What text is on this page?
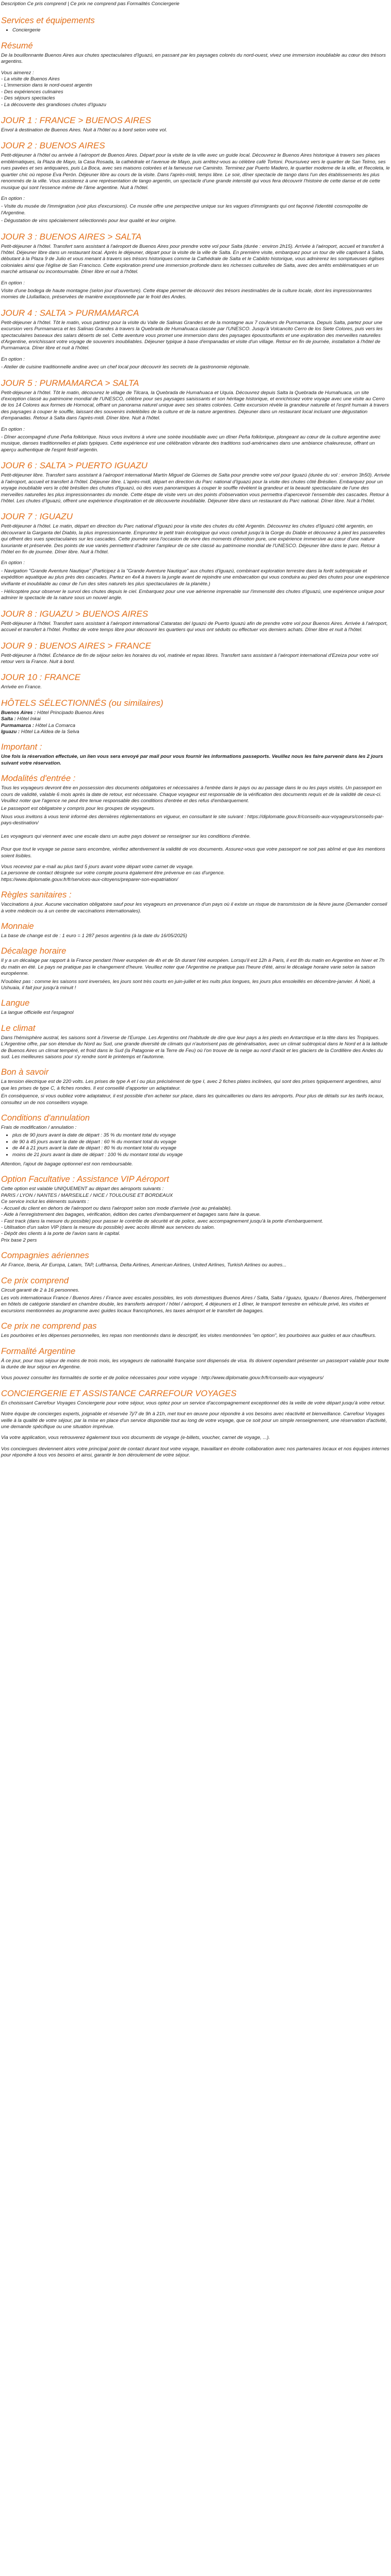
Description Ce pris comprend | Ce prix ne comprend pas Formalités Conciergerie
Services et équipements
• Conciergerie
Résumé
De la bouillonnante Buenos Aires aux chutes spectaculaires d'Iguazú, en passant par les paysages colorés du nord-ouest, vivez une immersion inoubliable au cœur des trésors argentins.
Vous aimerez :
- La visite de Buenos Aires
- L'immersion dans le nord-ouest argentin
- Des expériences culinaires
- Des séjours spectacles
- La découverte des grandioses chutes d'Iguazu
JOUR 1 : FRANCE > BUENOS AIRES
Envol à destination de Buenos Aires. Nuit à l'hôtel ou à bord selon votre vol.
JOUR 2 : BUENOS AIRES
Petit-déjeuner à l'hôtel ou arrivée à l'aéroport de Buenos Aires. Départ pour la visite de la ville avec un guide local. Découvrez le Buenos Aires historique à travers ses places emblématiques, la Plaza de Mayo, la Casa Rosada, la cathédrale et l'avenue de Mayo, puis arrêtez-vous au célèbre café Tortoni. Poursuivez vers le quartier de San Telmo, ses rues pavées et ses antiquaires, puis La Boca, avec ses maisons colorées et la fameuse rue Caminito. Terminez par Puerto Madero, le quartier moderne de la ville, et Recoleta, le quartier chic où repose Eva Perón. Déjeuner libre au cours de la visite. Dans l'après-midi, temps libre. Le soir, dîner spectacle de tango dans l'un des établissements les plus renommés de la ville. Vous assisterez à une représentation de tango argentin, un spectacle d'une grande intensité qui vous fera découvrir l'histoire de cette danse et de cette musique qui sont l'essence même de l'âme argentine. Nuit à l'hôtel.
En option :
- Visite du musée de l'immigration (voir plus d'excursions). Ce musée offre une perspective unique sur les vagues d'immigrants qui ont façonné l'identité cosmopolite de l'Argentine.
- Dégustation de vins spécialement sélectionnés pour leur qualité et leur origine.
JOUR 3 : BUENOS AIRES > SALTA
Petit-déjeuner à l'hôtel. Transfert sans assistant à l'aéroport de Buenos Aires pour prendre votre vol pour Salta (durée : environ 2h15). Arrivée à l'aéroport, accueil et transfert à l'hôtel. Déjeuner libre dans un restaurant local. Après le déjeuner, départ pour la visite de la ville de Salta. En première visite, embarquez pour un tour de ville captivant à Salta, débutant à la Plaza 9 de Julio et vous menant à travers ses trésors historiques comme la Cathédrale de Salta et le Cabildo historique, vous admirerez les somptueuses églises coloniales ainsi que l'église de San Francisco. Cette exploration prend une immersion profonde dans les richesses culturelles de Salta, avec des arrêts emblématiques et un marché artisanal ou incontournable. Dîner libre et nuit à l'hôtel.
En option :
Visite d'une bodega de haute montagne (selon jour d'ouverture). Cette étape permet de découvrir des trésors inestimables de la culture locale, dont les impressionnantes momies de Llullaillaco, préservées de manière exceptionnelle par le froid des Andes.
JOUR 4 : SALTA > PURMAMARCA
Petit-déjeuner à l'hôtel. Tôt le matin, vous partirez pour la visite du Valle de Salinas Grandes et de la montagne aux 7 couleurs de Purmamarca. Depuis Salta, partez pour une excursion vers Purmamarca et les Salinas Grandes à travers la Quebrada de Humahuaca classée par l'UNESCO. Jusqu'à Volcancito Cerro de los Siete Colores, puis vers les spectaculaires baseaux des salars déserts de sel. Cette aventure vous promet une immersion dans des paysages époustouflants et une exploration des merveilles naturelles d'Argentine, enrichissant votre voyage de souvenirs inoubliables. Déjeuner typique à base d'empanadas et visite d'un village. Retour en fin de journée, installation à l'hôtel de Purmamarca. Dîner libre et nuit à l'hôtel.
En option :
- Atelier de cuisine traditionnelle andine avec un chef local pour découvrir les secrets de la gastronomie régionale.
JOUR 5 : PURMAMARCA > SALTA
Petit-déjeuner à l'hôtel. Tôt le matin, découvrez le village de Tilcara, la Quebrada de Humahuaca et Uquía. Découvrez depuis Salta la Quebrada de Humahuaca, un site d'exception classé au patrimoine mondial de l'UNESCO, célèbre pour ses paysages saisissants et son héritage historique, et enrichissez votre voyage avec une visite au Cerro de los 14 Colores aux formes de Hornocal, offrant un panorama naturel unique avec ses strates colorées. Cette excursion révèle la grandeur naturelle et l'esprit humain à travers des paysages à couper le souffle, laissant des souvenirs indelébiles de la culture et de la nature argentines. Déjeuner dans un restaurant local incluant une dégustation d'empanadas. Retour à Salta dans l'après-midi. Dîner libre. Nuit à l'hôtel.
En option :
- Dîner accompagné d'une Peña folklorique. Nous vous invitons à vivre une soirée inoubliable avec un dîner Peña folklorique, plongeant au cœur de la culture argentine avec musique, danses traditionnelles et plats typiques. Cette expérience est une célébration vibrante des traditions sud-américaines dans une ambiance chaleureuse, offrant un aperçu authentique de l'esprit festif argentin.
JOUR 6 : SALTA > PUERTO IGUAZU
Petit-déjeuner libre. Transfert sans assistant à l'aéroport international Martín Miguel de Güemes de Salta pour prendre votre vol pour Iguazú (durée du vol : environ 3h50). Arrivée à l'aéroport, accueil et transfert à l'hôtel. Déjeuner libre. L'après-midi, départ en direction du Parc national d'Iguazú pour la visite des chutes côté Brésilien. Embarquez pour un voyage inoubliable vers le côté brésilien des chutes d'Iguazú, où des vues panoramiques à couper le souffle révèlent la grandeur et la beauté spectaculaire de l'une des merveilles naturelles les plus impressionnantes du monde. Cette étape de visite vers un des points d'observation vous permettra d'apercevoir l'ensemble des cascades. Retour à l'hôtel. Les chutes d'Iguazú, offrent une expérience d'exploration et de découverte inoubliable. Déjeuner libre dans un restaurant du Parc national. Dîner libre. Nuit à l'hôtel.
JOUR 7 : IGUAZU
Petit-déjeuner à l'hôtel. Le matin, départ en direction du Parc national d'Iguazú pour la visite des chutes du côté Argentin. Découvrez les chutes d'Iguazú côté argentin, en découvrant la Garganta del Diablo, la plus impressionnante. Empruntez le petit train écologique qui vous conduit jusqu'à la Gorge du Diable et découvrez à pied les passerelles qui offrent des vues spectaculaires sur les cascades. Cette journée sera l'occasion de vivre des moments d'émotion pure, une expérience immersive au cœur d'une nature luxuriante et préservée. Des points de vue variés permettent d'admirer l'ampleur de ce site classé au patrimoine mondial de l'UNESCO. Déjeuner libre dans le parc. Retour à l'hôtel en fin de journée. Dîner libre. Nuit à l'hôtel.
En option :
- Navigation "Grande Aventure Nautique" (Participez à la "Grande Aventure Nautique" aux chutes d'Iguazú, combinant exploration terrestre dans la forêt subtropicale et expédition aquatique au plus près des cascades. Partez en 4x4 à travers la jungle avant de rejoindre une embarcation qui vous conduira au pied des chutes pour une expérience vivifiante et inoubliable au cœur de l'un des sites naturels les plus spectaculaires de la planète.)
- Hélicoptère pour observer le survol des chutes depuis le ciel. Embarquez pour une vue aérienne imprenable sur l'immensité des chutes d'Iguazú, une expérience unique pour admirer le spectacle de la nature sous un nouvel angle.
JOUR 8 : IGUAZU > BUENOS AIRES
Petit-déjeuner à l'hôtel. Transfert sans assistant à l'aéroport international Cataratas del Iguazú de Puerto Iguazú afin de prendre votre vol pour Buenos Aires. Arrivée à l'aéroport, accueil et transfert à l'hôtel. Profitez de votre temps libre pour découvrir les quartiers qui vous ont séduits ou effectuer vos derniers achats. Dîner libre et nuit à l'hôtel.
JOUR 9 : BUENOS AIRES > FRANCE
Petit-déjeuner à l'hôtel. Échéance de fin de séjour selon les horaires du vol, matinée et repas libres. Transfert sans assistant à l'aéroport international d'Ezeiza pour votre vol retour vers la France. Nuit à bord.
JOUR 10 : FRANCE
Arrivée en France.
HÔTELS SÉLECTIONNÉS (ou similaires)
Buenos Aires : Hôtel Principado Buenos Aires
Salta : Hôtel Inkai
Purmamarca : Hôtel La Comarca
Iguazu : Hôtel La Aldea de la Selva
Important :
Une fois la réservation effectuée, un lien vous sera envoyé par mail pour vous fournir les informations passeports. Veuillez nous les faire parvenir dans les 2 jours suivant votre réservation.
Modalités d'entrée :
Tous les voyageurs devront être en possession des documents obligatoires et nécessaires à l'entrée dans le pays ou au passage dans le ou les pays visités. Un passeport en cours de validité, valable 6 mois après la date de retour, est nécessaire. Chaque voyageur est responsable de la vérification des documents requis et de la validité de ceux-ci. Veuillez noter que l'agence ne peut être tenue responsable des conditions d'entrée et des refus d'embarquement.
Le passeport est obligatoire y compris pour les groupes de voyageurs.
Nous vous invitons à vous tenir informé des dernières réglementations en vigueur, en consultant le site suivant : https://diplomatie.gouv.fr/conseils-aux-voyageurs/conseils-par-pays-destination/
Les voyageurs qui viennent avec une escale dans un autre pays doivent se renseigner sur les conditions d'entrée.
Pour que tout le voyage se passe sans encombre, vérifiez attentivement la validité de vos documents. Assurez-vous que votre passeport ne soit pas abîmé et que les mentions soient lisibles.
Vous recevrez par e-mail au plus tard 5 jours avant votre départ votre carnet de voyage.
La personne de contact désignée sur votre compte pourra également être prévenue en cas d'urgence.
https://www.diplomatie.gouv.fr/fr/services-aux-citoyens/preparer-son-expatriation/
Règles sanitaires :
Vaccinations à jour. Aucune vaccination obligatoire sauf pour les voyageurs en provenance d'un pays où il existe un risque de transmission de la fièvre jaune (Demander conseil à votre médecin ou à un centre de vaccinations internationales).
Monnaie
La base de change est de : 1 euro = 1 287 pesos argentins (à la date du 16/05/2025)
Décalage horaire
Il y a un décalage par rapport à la France pendant l'hiver européen de 4h et de 5h durant l'été européen. Lorsqu'il est 12h à Paris, il est 8h du matin en Argentine en hiver et 7h du matin en été. Le pays ne pratique pas le changement d'heure. Veuillez noter que l'Argentine ne pratique pas l'heure d'été, ainsi le décalage horaire varie selon la saison européenne.
N'oubliez pas : comme les saisons sont inversées, les jours sont très courts en juin-juillet et les nuits plus longues, les jours plus ensoleillés en décembre-janvier. À Noël, à Ushuaia, il fait jour jusqu'à minuit !
Langue
La langue officielle est l'espagnol
Le climat
Dans l'hémisphère austral, les saisons sont à l'inverse de l'Europe. Les Argentins ont l'habitude de dire que leur pays a les pieds en Antarctique et la tête dans les Tropiques. L'Argentine offre, par son étendue du Nord au Sud, une grande diversité de climats qui n'autorisent pas de généralisation, avec un climat subtropical dans le Nord et à la latitude de Buenos Aires un climat tempéré, et froid dans le Sud (la Patagonie et la Terre de Feu) où l'on trouve de la neige au nord d'août et les glaciers de la Cordillère des Andes du sud. Les meilleures saisons pour s'y rendre sont le printemps et l'automne.
Bon à savoir
La tension électrique est de 220 volts. Les prises de type A et I ou plus précisément de type I, avec 2 fiches plates inclinées, qui sont des prises typiquement argentines, ainsi que les prises de type C, à fiches rondes. Il est conseillé d'apporter un adaptateur.
En conséquence, si vous oubliez votre adaptateur, il est possible d'en acheter sur place, dans les quincailleries ou dans les aéroports. Pour plus de détails sur les tarifs locaux, consultez un de nos conseillers voyage.
Conditions d'annulation
Frais de modification / annulation :
• plus de 90 jours avant la date de départ : 35 % du montant total du voyage
• de 90 à 45 jours avant la date de départ : 60 % du montant total du voyage
• de 44 à 21 jours avant la date de départ : 80 % du montant total du voyage
• moins de 21 jours avant la date de départ : 100 % du montant total du voyage
Attention, l'ajout de bagage optionnel est non remboursable.
Option Facultative : Assistance VIP Aéroport
Cette option est valable UNIQUEMENT au départ des aéroports suivants :
PARIS / LYON / NANTES / MARSEILLE / NICE / TOULOUSE ET BORDEAUX
Ce service inclut les éléments suivants :
- Accueil du client en dehors de l'aéroport ou dans l'aéroport selon son mode d'arrivée (voir au préalable).
- Aide à l'enregistrement des bagages, vérification, édition des cartes d'embarquement et bagages sans faire la queue.
- Fast track (dans la mesure du possible) pour passer le contrôle de sécurité et de police, avec accompagnement jusqu'à la porte d'embarquement.
- Utilisation d'un salon VIP (dans la mesure du possible) avec accès illimité aux services du salon.
- Dépôt des clients à la porte de l'avion sans le capital.
Prix base 2 pers
Compagnies aériennes
Air France, Iberia, Air Europa, Latam, TAP, Lufthansa, Delta Airlines, American Airlines, United Airlines, Turkish Airlines ou autres...
Ce prix comprend
Circuit garanti de 2 à 16 personnes.
Les vols internationaux France / Buenos Aires / France avec escales possibles, les vols domestiques Buenos Aires / Salta, Salta / Iguazu, Iguazu / Buenos Aires, l'hébergement en hôtels de catégorie standard en chambre double, les transferts aéroport / hôtel / aéroport, 4 déjeuners et 1 dîner, le transport terrestre en véhicule privé, les visites et excursions mentionnées au programme avec guides locaux francophones, les taxes aéroport et le transfert de bagages.
Ce prix ne comprend pas
Les pourboires et les dépenses personnelles, les repas non mentionnés dans le descriptif, les visites mentionnées "en option", les pourboires aux guides et aux chauffeurs.
Formalité Argentine
À ce jour, pour tous séjour de moins de trois mois, les voyageurs de nationalité française sont dispensés de visa. Ils doivent cependant présenter un passeport valable pour toute la durée de leur séjour en Argentine.
Vous pouvez consulter les formalités de sortie et de police nécessaires pour votre voyage : http://www.diplomatie.gouv.fr/fr/conseils-aux-voyageurs/
CONCIERGERIE ET ASSISTANCE CARREFOUR VOYAGES
En choisissant Carrefour Voyages Conciergerie pour votre séjour, vous optez pour un service d'accompagnement exceptionnel dès la veille de votre départ jusqu'à votre retour.
Notre équipe de concierges experts, joignable et réservée 7j/7 de 9h à 21h, met tout en œuvre pour répondre à vos besoins avec réactivité et bienveillance. Carrefour Voyages veille à la qualité de votre séjour, par la mise en place d'un service disponible tout au long de votre voyage, que ce soit pour un simple renseignement, une réservation d'activité, une demande spécifique ou une situation imprévue.
Via votre application, vous retrouverez également tous vos documents de voyage (e-billets, voucher, carnet de voyage, ...).
Vos conciergues deviennent alors votre principal point de contact durant tout votre voyage, travaillant en étroite collaboration avec nos partenaires locaux et nos équipes internes pour répondre à tous vos besoins et ainsi, garantir le bon déroulement de votre séjour.
